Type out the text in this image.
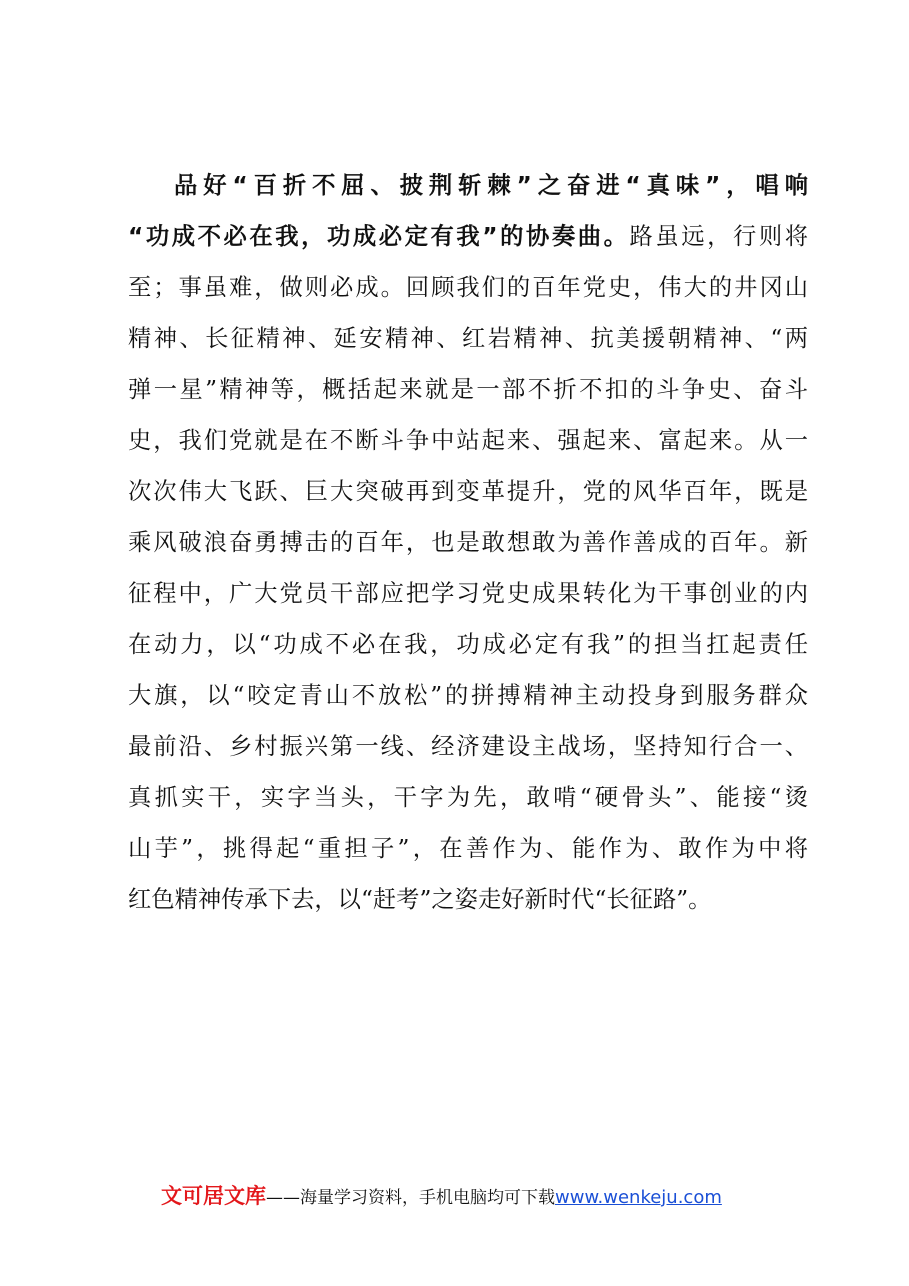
品好“百折不屈、披荆斩棘”之奋进“真味”，唱响
“功成不必在我，功成必定有我”的协奏曲。路虽远，行则将
至；事虽难，做则必成。回顾我们的百年党史，伟大的井冈山
精神、长征精神、延安精神、红岩精神、抗美援朝精神、“两
弹一星”精神等，概括起来就是一部不折不扣的斗争史、奋斗
史，我们党就是在不断斗争中站起来、强起来、富起来。从一
次次伟大飞跃、巨大突破再到变革提升，党的风华百年，既是
乘风破浪奋勇搏击的百年，也是敢想敢为善作善成的百年。新
征程中，广大党员干部应把学习党史成果转化为干事创业的内
在动力，以“功成不必在我，功成必定有我”的担当扛起责任
大旗，以“咬定青山不放松”的拼搏精神主动投身到服务群众
最前沿、乡村振兴第一线、经济建设主战场，坚持知行合一、
真抓实干，实字当头，干字为先，敢啃“硬骨头”、能接“烫
山芋”，挑得起“重担子”，在善作为、能作为、敢作为中将
红色精神传承下去，以“赶考”之姿走好新时代“长征路”。
文可居文库——海量学习资料，手机电脑均可下载www.wenkeju.com
